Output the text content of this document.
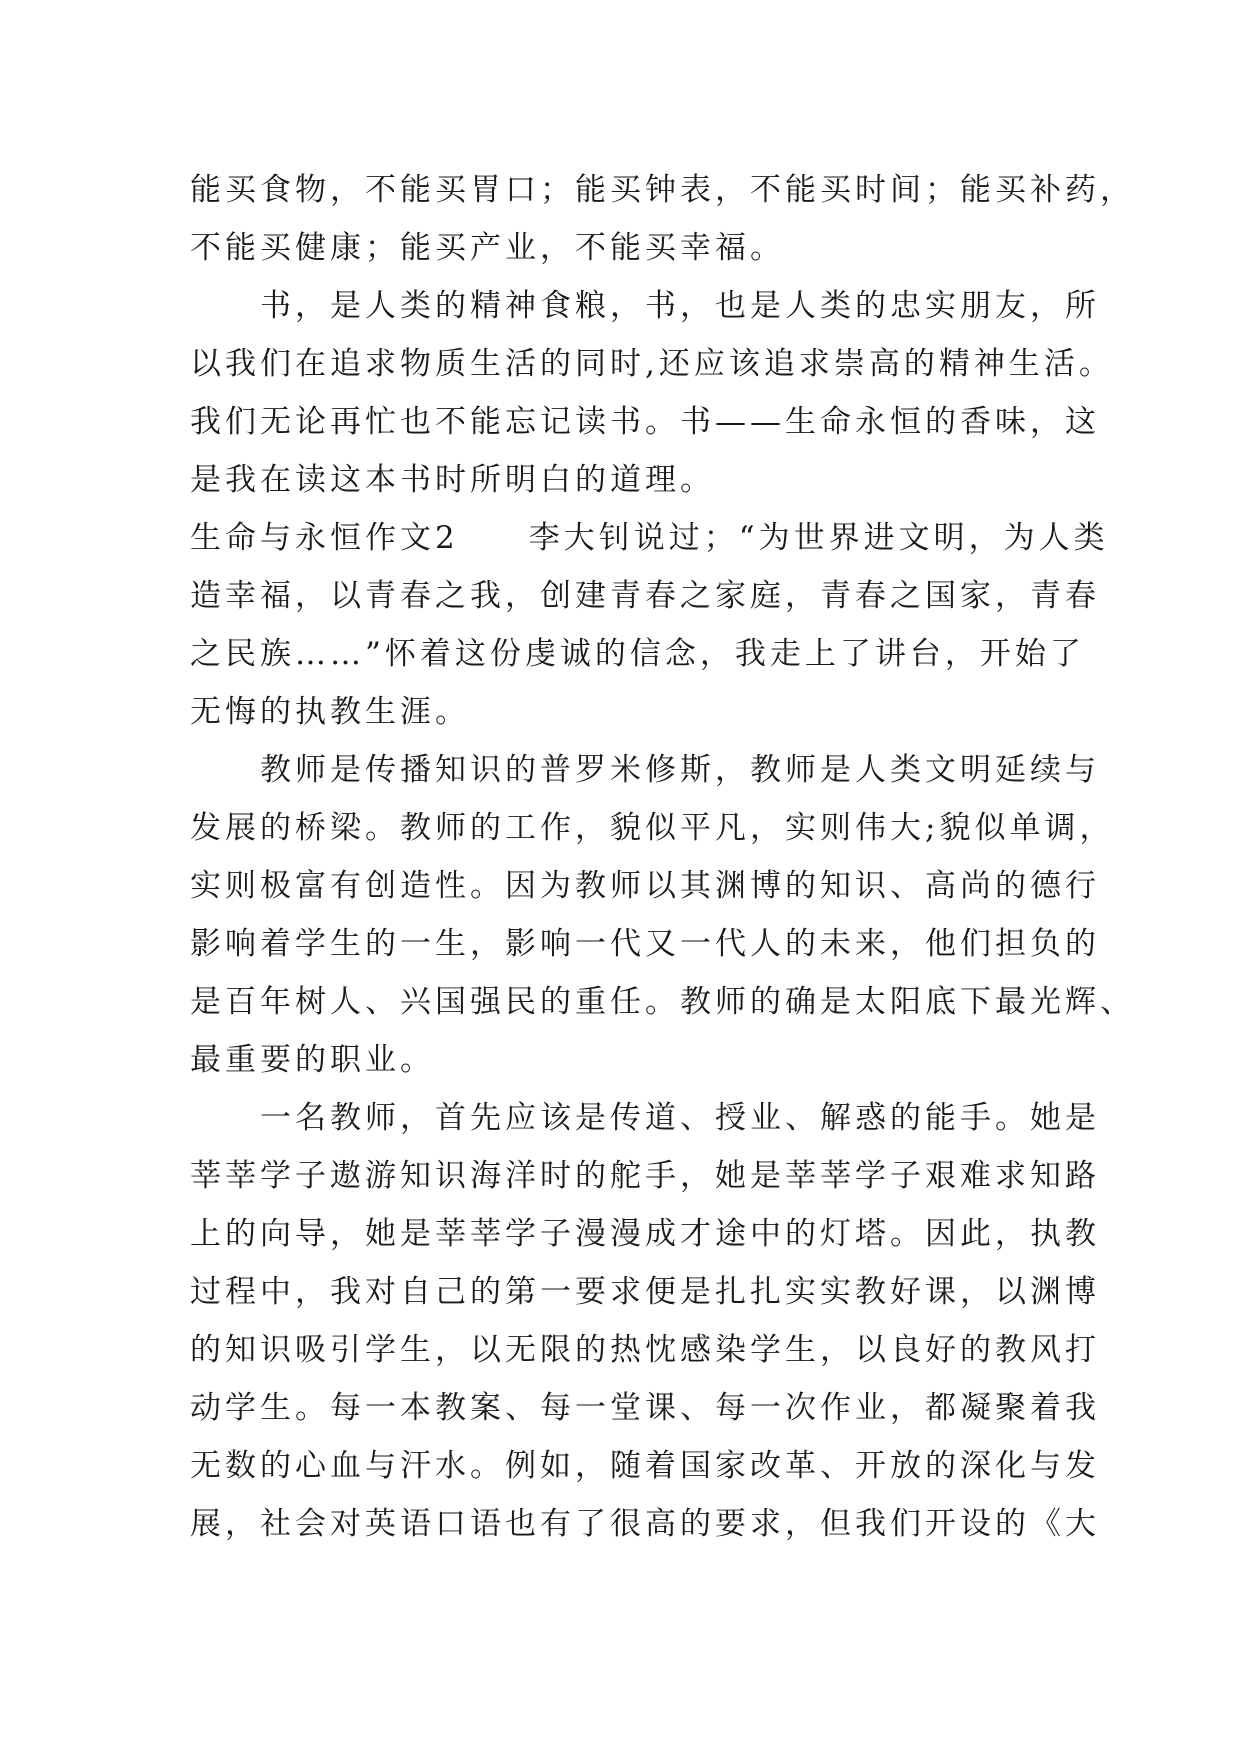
能买食物，不能买胃口；能买钟表，不能买时间；能买补药，
不能买健康；能买产业，不能买幸福。
　　书，是人类的精神食粮，书，也是人类的忠实朋友，所
以我们在追求物质生活的同时,还应该追求崇高的精神生活。
我们无论再忙也不能忘记读书。书——生命永恒的香味，这
是我在读这本书时所明白的道理。
生命与永恒作文2　　李大钊说过；“为世界进文明，为人类
造幸福，以青春之我，创建青春之家庭，青春之国家，青春
之民族……”怀着这份虔诚的信念，我走上了讲台，开始了
无悔的执教生涯。
　　教师是传播知识的普罗米修斯，教师是人类文明延续与
发展的桥梁。教师的工作，貌似平凡，实则伟大;貌似单调，
实则极富有创造性。因为教师以其渊博的知识、高尚的德行
影响着学生的一生，影响一代又一代人的未来，他们担负的
是百年树人、兴国强民的重任。教师的确是太阳底下最光辉、
最重要的职业。
　　一名教师，首先应该是传道、授业、解惑的能手。她是
莘莘学子遨游知识海洋时的舵手，她是莘莘学子艰难求知路
上的向导，她是莘莘学子漫漫成才途中的灯塔。因此，执教
过程中，我对自己的第一要求便是扎扎实实教好课，以渊博
的知识吸引学生，以无限的热忱感染学生，以良好的教风打
动学生。每一本教案、每一堂课、每一次作业，都凝聚着我
无数的心血与汗水。例如，随着国家改革、开放的深化与发
展，社会对英语口语也有了很高的要求，但我们开设的《大
